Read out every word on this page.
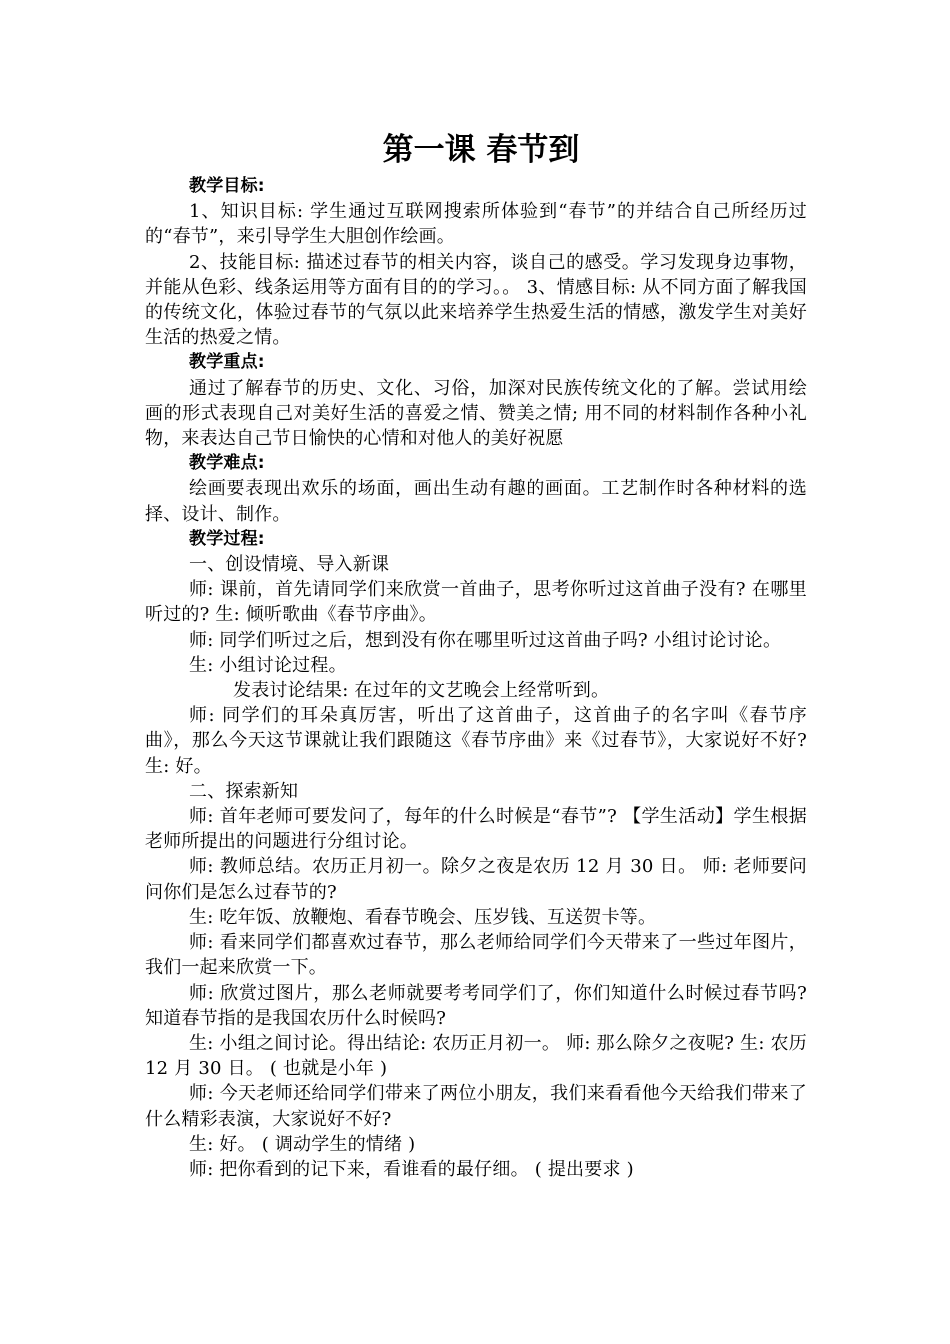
第一课 春节到

教学目标:

1、知识目标: 学生通过互联网搜索所体验到“春节”的并结合自己所经历过的“春节”，来引导学生大胆创作绘画。

2、技能目标: 描述过春节的相关内容，谈自己的感受。学习发现身边事物，并能从色彩、线条运用等方面有目的的学习。。 3、情感目标: 从不同方面了解我国的传统文化，体验过春节的气氛以此来培养学生热爱生活的情感，激发学生对美好生活的热爱之情。

教学重点:

通过了解春节的历史、文化、习俗，加深对民族传统文化的了解。尝试用绘画的形式表现自己对美好生活的喜爱之情、赞美之情; 用不同的材料制作各种小礼物，来表达自己节日愉快的心情和对他人的美好祝愿

教学难点:

绘画要表现出欢乐的场面，画出生动有趣的画面。工艺制作时各种材料的选择、设计、制作。

教学过程:

一、创设情境、导入新课

师: 课前，首先请同学们来欣赏一首曲子，思考你听过这首曲子没有? 在哪里听过的? 生: 倾听歌曲《春节序曲》。

师: 同学们听过之后，想到没有你在哪里听过这首曲子吗? 小组讨论讨论。

生: 小组讨论过程。

发表讨论结果: 在过年的文艺晚会上经常听到。

师: 同学们的耳朵真厉害，听出了这首曲子，这首曲子的名字叫《春节序曲》，那么今天这节课就让我们跟随这《春节序曲》来《过春节》，大家说好不好? 生: 好。

二、探索新知

师: 首年老师可要发问了，每年的什么时候是“春节”? 【学生活动】学生根据老师所提出的问题进行分组讨论。

师: 教师总结。农历正月初一。除夕之夜是农历 12 月 30 日。 师: 老师要问问你们是怎么过春节的?

生: 吃年饭、放鞭炮、看春节晚会、压岁钱、互送贺卡等。

师: 看来同学们都喜欢过春节，那么老师给同学们今天带来了一些过年图片，我们一起来欣赏一下。

师: 欣赏过图片，那么老师就要考考同学们了，你们知道什么时候过春节吗? 知道春节指的是我国农历什么时候吗?

生: 小组之间讨论。得出结论: 农历正月初一。 师: 那么除夕之夜呢? 生: 农历 12 月 30 日。 ( 也就是小年 )

师: 今天老师还给同学们带来了两位小朋友，我们来看看他今天给我们带来了什么精彩表演，大家说好不好?

生: 好。 ( 调动学生的情绪 )

师: 把你看到的记下来，看谁看的最仔细。 ( 提出要求 )
